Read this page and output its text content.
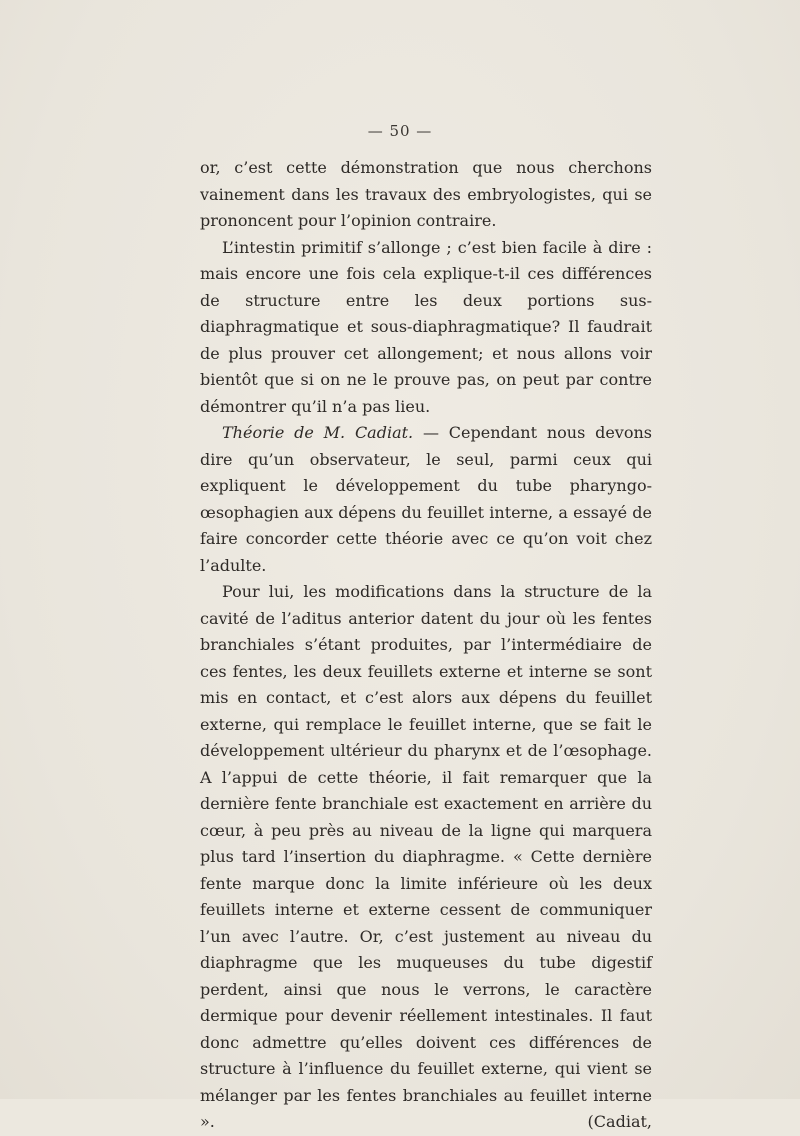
— 50 —

or, c’est cette démonstration que nous cherchons vainement dans les travaux des embryologistes, qui se prononcent pour l’opinion contraire.

L’intestin primitif s’allonge ; c’est bien facile à dire : mais encore une fois cela explique-t-il ces différences de structure entre les deux portions sus-diaphragmatique et sous-diaphragmatique? Il faudrait de plus prouver cet allongement; et nous allons voir bientôt que si on ne le prouve pas, on peut par contre démontrer qu’il n’a pas lieu.

Théorie de M. Cadiat. — Cependant nous devons dire qu’un observateur, le seul, parmi ceux qui expliquent le développement du tube pharyngo-œsophagien aux dépens du feuillet interne, a essayé de faire concorder cette théorie avec ce qu’on voit chez l’adulte.

Pour lui, les modifications dans la structure de la cavité de l’aditus anterior datent du jour où les fentes branchiales s’étant produites, par l’intermédiaire de ces fentes, les deux feuillets externe et interne se sont mis en contact, et c’est alors aux dépens du feuillet externe, qui remplace le feuillet interne, que se fait le développement ultérieur du pharynx et de l’œsophage. A l’appui de cette théorie, il fait remarquer que la dernière fente branchiale est exactement en arrière du cœur, à peu près au niveau de la ligne qui marquera plus tard l’insertion du diaphragme. « Cette dernière fente marque donc la limite inférieure où les deux feuillets interne et externe cessent de communiquer l’un avec l’autre. Or, c’est justement au niveau du diaphragme que les muqueuses du tube digestif perdent, ainsi que nous le verrons, le caractère dermique pour devenir réellement intestinales. Il faut donc admettre qu’elles doivent ces différences de structure à l’influence du feuillet externe, qui vient se mélanger par les fentes branchiales au feuillet interne ». (Cadiat,
